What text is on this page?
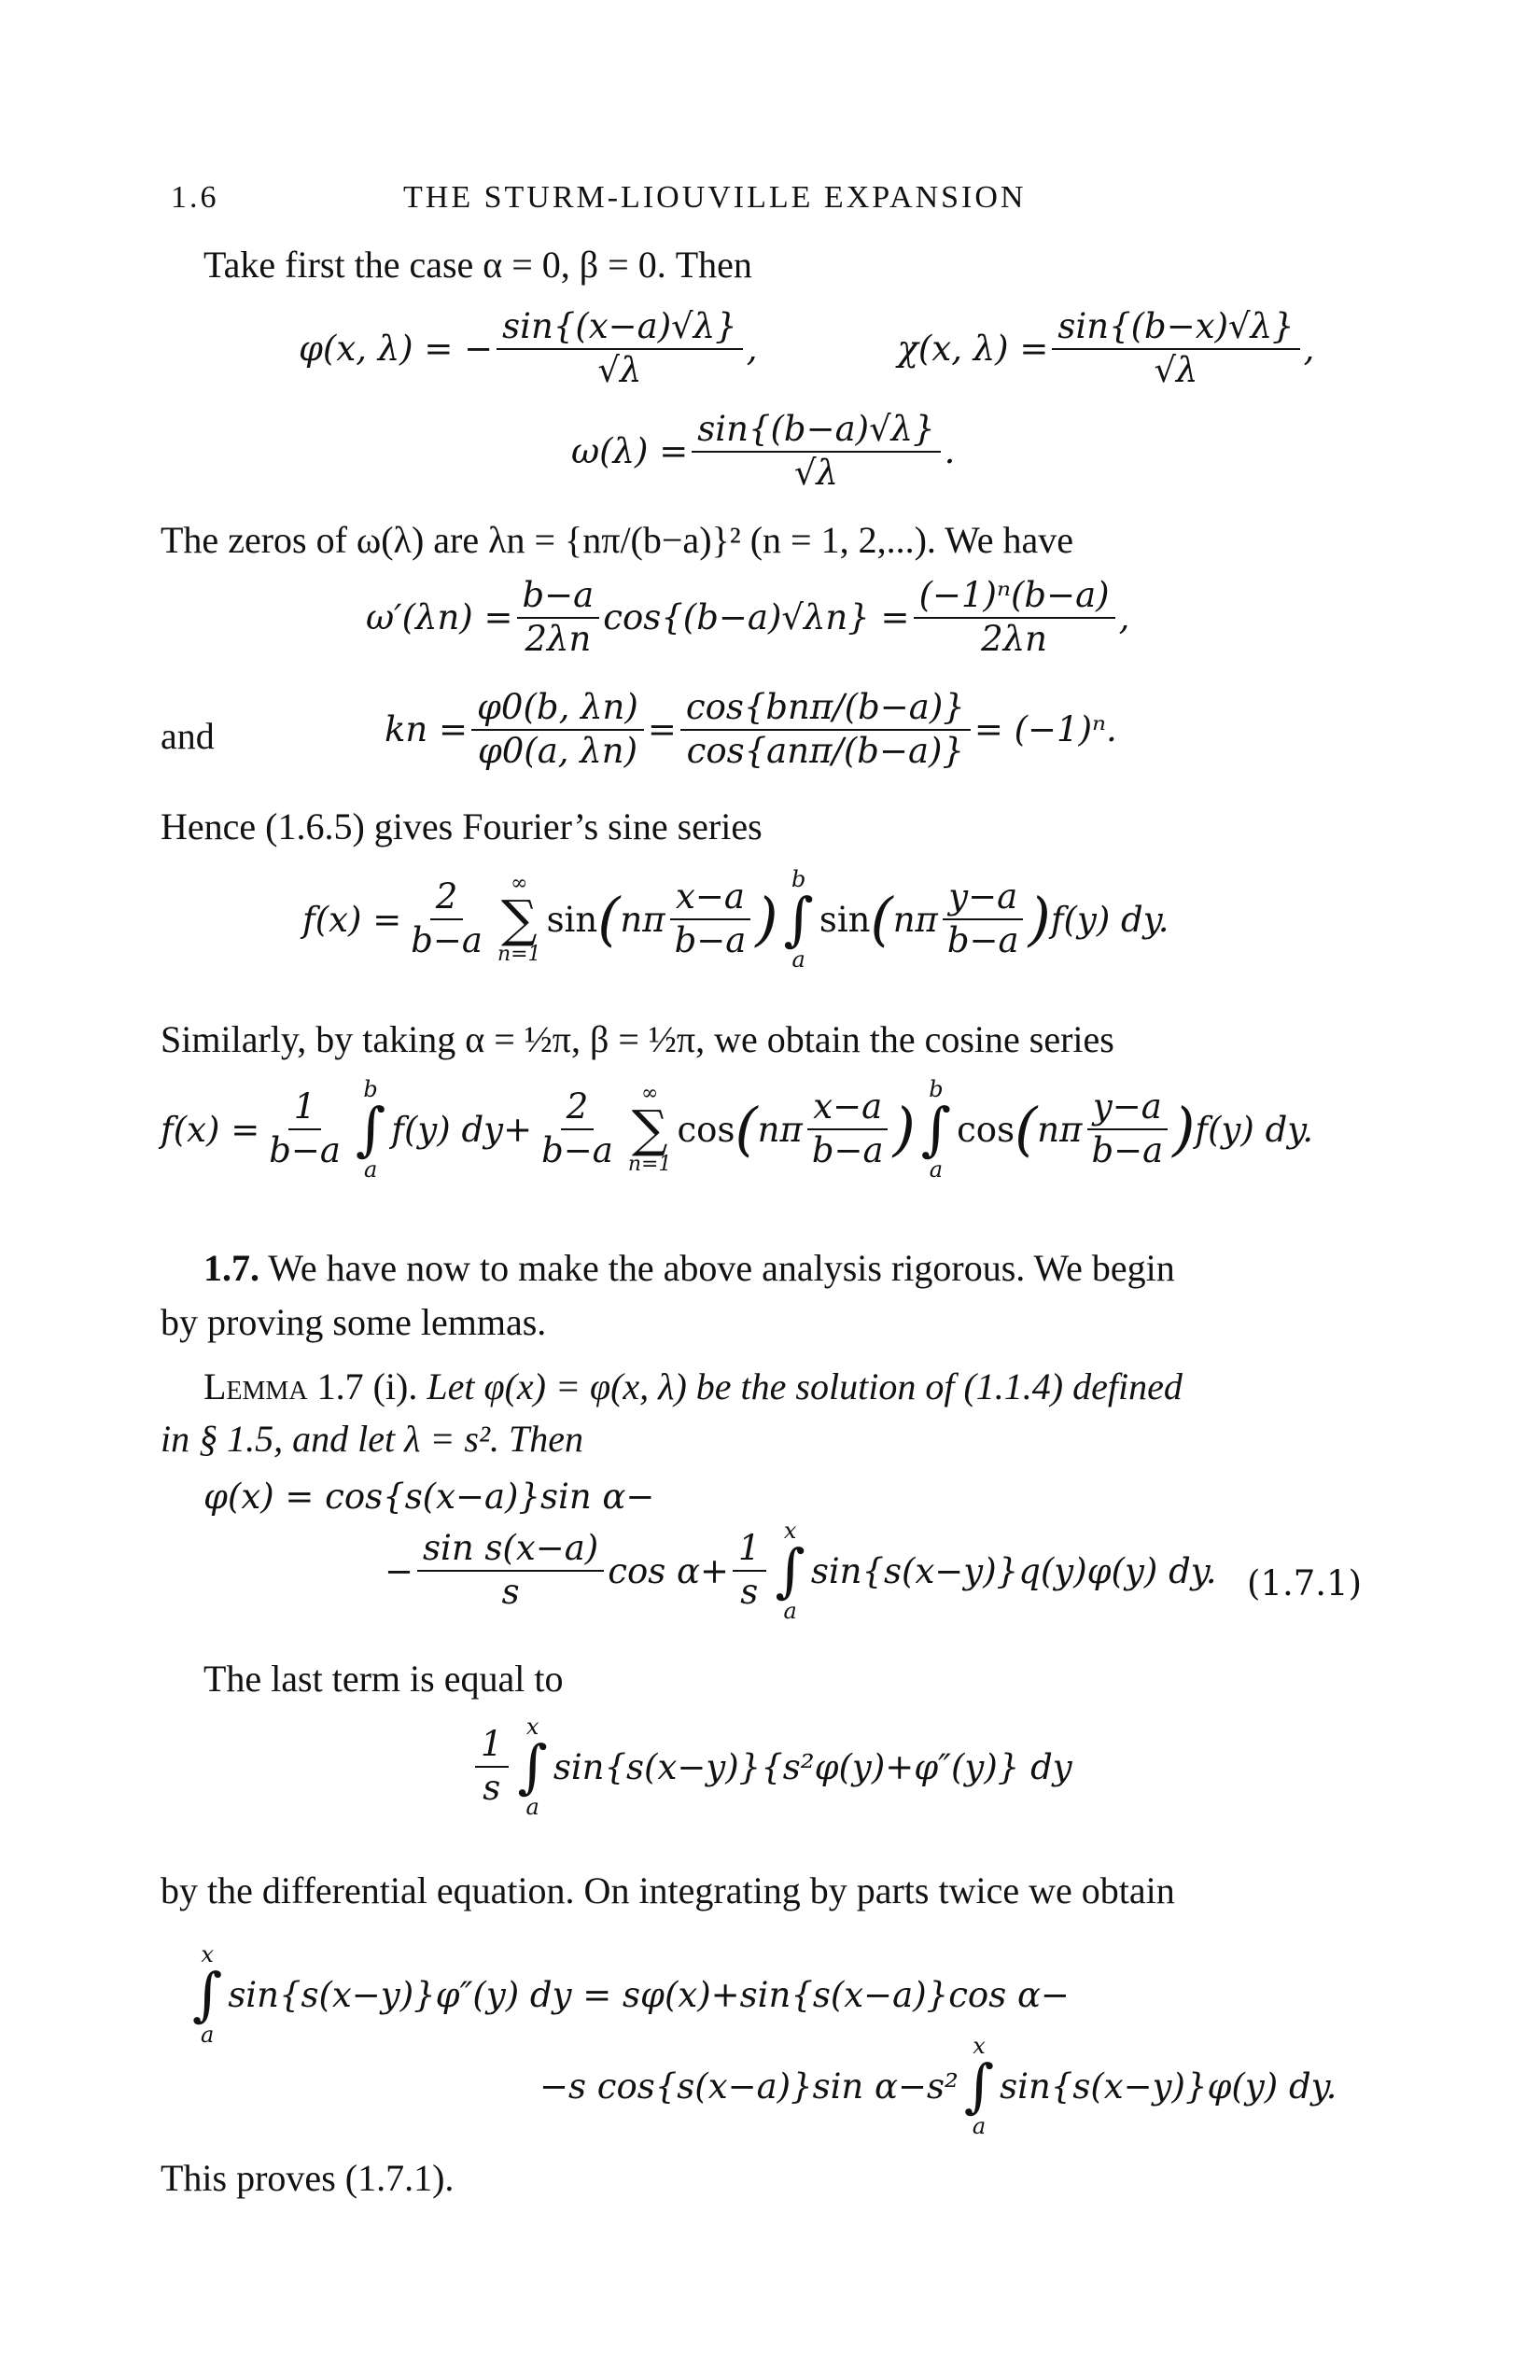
1.6	THE STURM-LIOUVILLE EXPANSION
Take first the case α = 0, β = 0. Then
φ(x, λ) = − $\frac{\sin\{(x-a)√\lambda\}}{√\lambda}$ ,	χ(x, $\lambda) = \frac{\sin\{(b-x)√\lambda\}}{√\lambda}$ ,
$\omega(\lambda) = \frac{\sin\{(b-a)√\lambda\}}{√\lambda}$ .
The zeros of ω(λ) are λn = {nπ/(b−a)}² (n = 1, 2,...). We have
$\omega'(\lambda n) = \frac{b-a}{2\lambda n} \cos\{(b-a)√\lambda n\} = \frac{\text{(−1)ⁿ(b−a)}}{2\lambda n}$ ,
and	kn = $\frac{\varphi 0(b, \lambda n)}{\varphi 0(a, \lambda n)} = \frac{\text{cos\{bnπ/(b−a)\}}}{\text{cos\{anπ/(b−a)\}}} = (-1)^n$.
Hence (1.6.5) gives Fourier’s sine series
$f(x) = \frac{2}{b-a}$ ∞
∑
n=1
sin ( nπ $\frac{x-a}{b-a}$ )
b
∫
a
sin ( nπ $\frac{y-a}{b-a}$ ) f(y) dy.
Similarly, by taking α = ½π, β = ½π, we obtain the cosine series
$f(x) = \frac{1}{b-a}$ b
∫
a
f(y) $dy+ \frac{2}{b-a}$ ∞
∑
n=1
cos ( nπ $\frac{x-a}{b-a}$ )
b
∫
a
cos ( nπ $\frac{y-a}{b-a}$ ) f(y) dy.
1.7. We have now to make the above analysis rigorous. We begin
by proving some lemmas.
Lemma 1.7 (i). Let φ(x) = φ(x, λ) be the solution of (1.1.4) defined
in § 1.5, and let λ = s². Then
φ(x) = cos{s(x−a)}sin α−
− $\frac{\text{sin s(x−a)}}{s}$ $\cos \alpha+ \frac{1}{s}$ x
∫
a
sin{s(x−y)}q(y)φ(y) dy. (1.7.1)
The last term is equal to
$\frac{1}{s}$ x
∫
a
sin{s(x−y)}{s²φ(y)+φ″(y)} dy
by the differential equation. On integrating by parts twice we obtain
x
∫
a
sin{s(x−y)}φ″(y) dy = sφ(x)+sin{s(x−a)}cos α−
−s cos{s(x−a)}sin α−s²
x
∫
a
sin{s(x−y)}φ(y) dy.
This proves (1.7.1).
